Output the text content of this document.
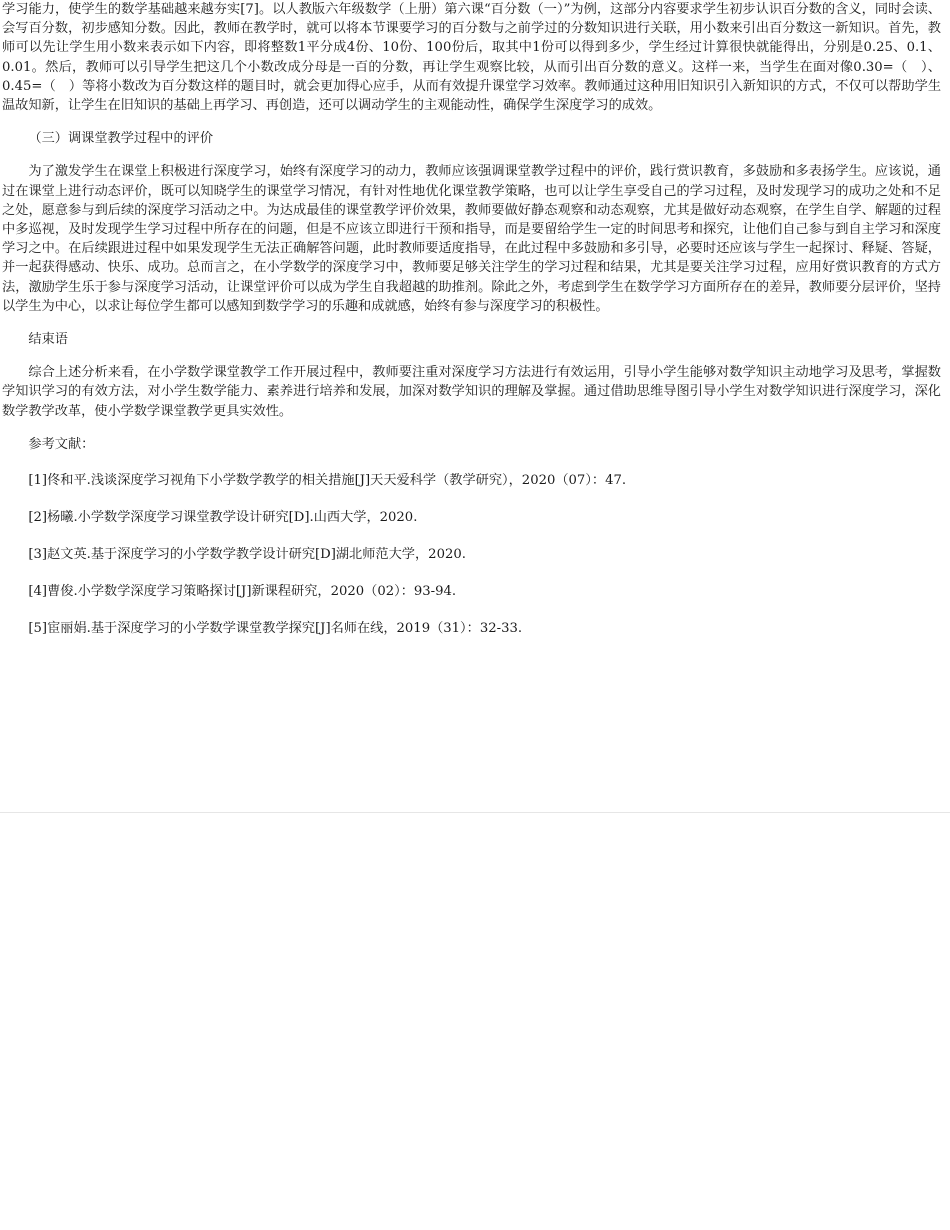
学习能力，使学生的数学基础越来越夯实[7]。以人教版六年级数学（上册）第六课“百分数（一）”为例，这部分内容要求学生初步认识百分数的含义，同时会读、会写百分数，初步感知分数。因此，教师在教学时，就可以将本节课要学习的百分数与之前学过的分数知识进行关联，用小数来引出百分数这一新知识。首先，教师可以先让学生用小数来表示如下内容，即将整数1平分成4份、10份、100份后，取其中1份可以得到多少，学生经过计算很快就能得出，分别是0.25、0.1、0.01。然后，教师可以引导学生把这几个小数改成分母是一百的分数，再让学生观察比较，从而引出百分数的意义。这样一来，当学生在面对像0.30=（　）、0.45=（　）等将小数改为百分数这样的题目时，就会更加得心应手，从而有效提升课堂学习效率。教师通过这种用旧知识引入新知识的方式，不仅可以帮助学生温故知新，让学生在旧知识的基础上再学习、再创造，还可以调动学生的主观能动性，确保学生深度学习的成效。

（三）调课堂教学过程中的评价

为了激发学生在课堂上积极进行深度学习，始终有深度学习的动力，教师应该强调课堂教学过程中的评价，践行赏识教育，多鼓励和多表扬学生。应该说，通过在课堂上进行动态评价，既可以知晓学生的课堂学习情况，有针对性地优化课堂教学策略，也可以让学生享受自己的学习过程，及时发现学习的成功之处和不足之处，愿意参与到后续的深度学习活动之中。为达成最佳的课堂教学评价效果，教师要做好静态观察和动态观察，尤其是做好动态观察，在学生自学、解题的过程中多巡视，及时发现学生学习过程中所存在的问题，但是不应该立即进行干预和指导，而是要留给学生一定的时间思考和探究，让他们自己参与到自主学习和深度学习之中。在后续跟进过程中如果发现学生无法正确解答问题，此时教师要适度指导，在此过程中多鼓励和多引导，必要时还应该与学生一起探讨、释疑、答疑，并一起获得感动、快乐、成功。总而言之，在小学数学的深度学习中，教师要足够关注学生的学习过程和结果，尤其是要关注学习过程，应用好赏识教育的方式方法，激励学生乐于参与深度学习活动，让课堂评价可以成为学生自我超越的助推剂。除此之外，考虑到学生在数学学习方面所存在的差异，教师要分层评价，坚持以学生为中心，以求让每位学生都可以感知到数学学习的乐趣和成就感，始终有参与深度学习的积极性。

结束语

综合上述分析来看，在小学数学课堂教学工作开展过程中，教师要注重对深度学习方法进行有效运用，引导小学生能够对数学知识主动地学习及思考，掌握数学知识学习的有效方法，对小学生数学能力、素养进行培养和发展，加深对数学知识的理解及掌握。通过借助思维导图引导小学生对数学知识进行深度学习，深化数学教学改革，使小学数学课堂教学更具实效性。

参考文献：

[1]佟和平.浅谈深度学习视角下小学数学教学的相关措施[J]天天爱科学（教学研究），2020（07）：47.

[2]杨曦.小学数学深度学习课堂教学设计研究[D].山西大学，2020.

[3]赵文英.基于深度学习的小学数学教学设计研究[D]湖北师范大学，2020.

[4]曹俊.小学数学深度学习策略探讨[J]新课程研究，2020（02）：93-94.

[5]宦丽娟.基于深度学习的小学数学课堂教学探究[J]名师在线，2019（31）：32-33.
